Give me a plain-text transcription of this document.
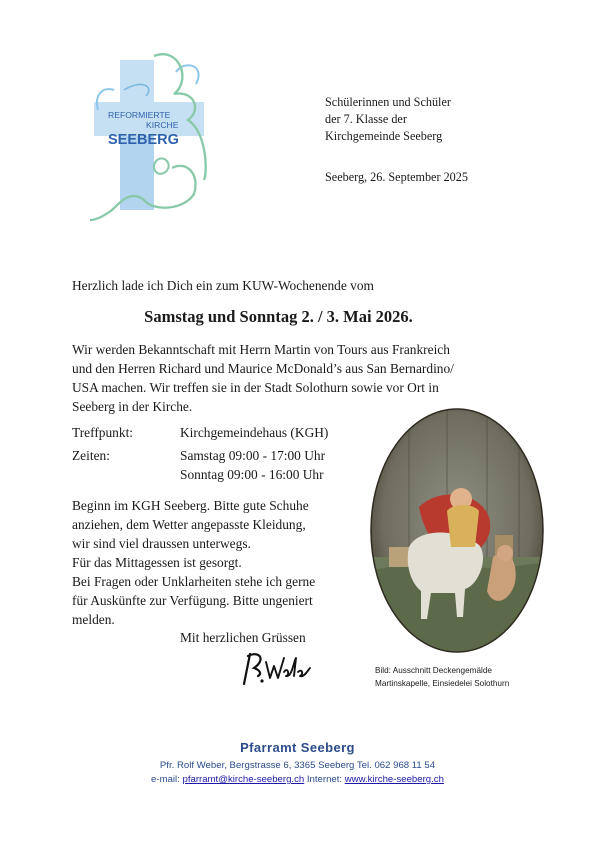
REFORMIERTE
KIRCHE
SEEBERG
Schülerinnen und Schüler
der 7. Klasse der
Kirchgemeinde Seeberg
Seeberg, 26. September 2025
Herzlich lade ich Dich ein zum KUW-Wochenende vom
Samstag und Sonntag 2. / 3. Mai 2026.
Wir werden Bekanntschaft mit Herrn Martin von Tours aus Frankreich
und den Herren Richard und Maurice McDonald’s aus San Bernardino/
USA machen. Wir treffen sie in der Stadt Solothurn sowie vor Ort in
Seeberg in der Kirche.
Treffpunkt:	Kirchgemeindehaus (KGH)
Zeiten:	Samstag 09:00 - 17:00 Uhr
Sonntag 09:00 - 16:00 Uhr
Beginn im KGH Seeberg. Bitte gute Schuhe
anziehen, dem Wetter angepasste Kleidung,
wir sind viel draussen unterwegs.
Für das Mittagessen ist gesorgt.
Bei Fragen oder Unklarheiten stehe ich gerne
für Auskünfte zur Verfügung. Bitte ungeniert
melden.
Mit herzlichen Grüssen
Bild: Ausschnitt Deckengemälde
Martinskapelle, Einsiedelei Solothurn
Pfarramt Seeberg
Pfr. Rolf Weber, Bergstrasse 6, 3365 Seeberg Tel. 062 968 11 54
e-mail: pfarramt@kirche-seeberg.ch Internet: www.kirche-seeberg.ch
